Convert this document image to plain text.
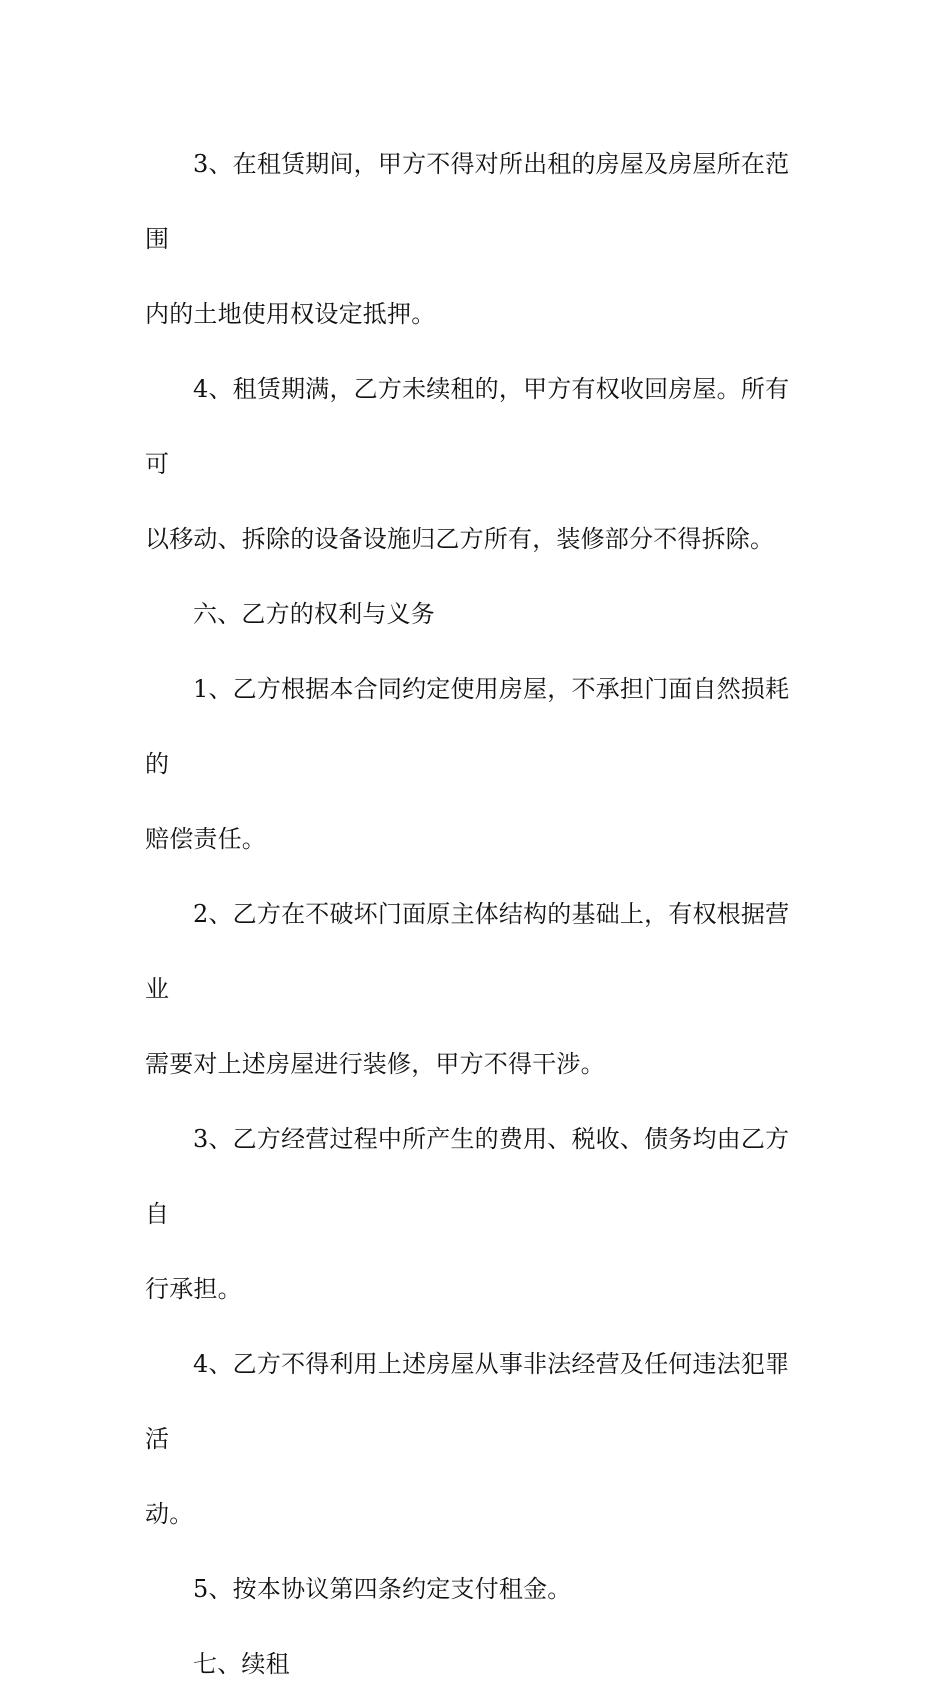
3、在租赁期间，甲方不得对所出租的房屋及房屋所在范围
内的土地使用权设定抵押。

4、租赁期满，乙方未续租的，甲方有权收回房屋。所有可
以移动、拆除的设备设施归乙方所有，装修部分不得拆除。

六、乙方的权利与义务

1、乙方根据本合同约定使用房屋，不承担门面自然损耗的
赔偿责任。

2、乙方在不破坏门面原主体结构的基础上，有权根据营业
需要对上述房屋进行装修，甲方不得干涉。

3、乙方经营过程中所产生的费用、税收、债务均由乙方自
行承担。

4、乙方不得利用上述房屋从事非法经营及任何违法犯罪活
动。

5、按本协议第四条约定支付租金。

七、续租
